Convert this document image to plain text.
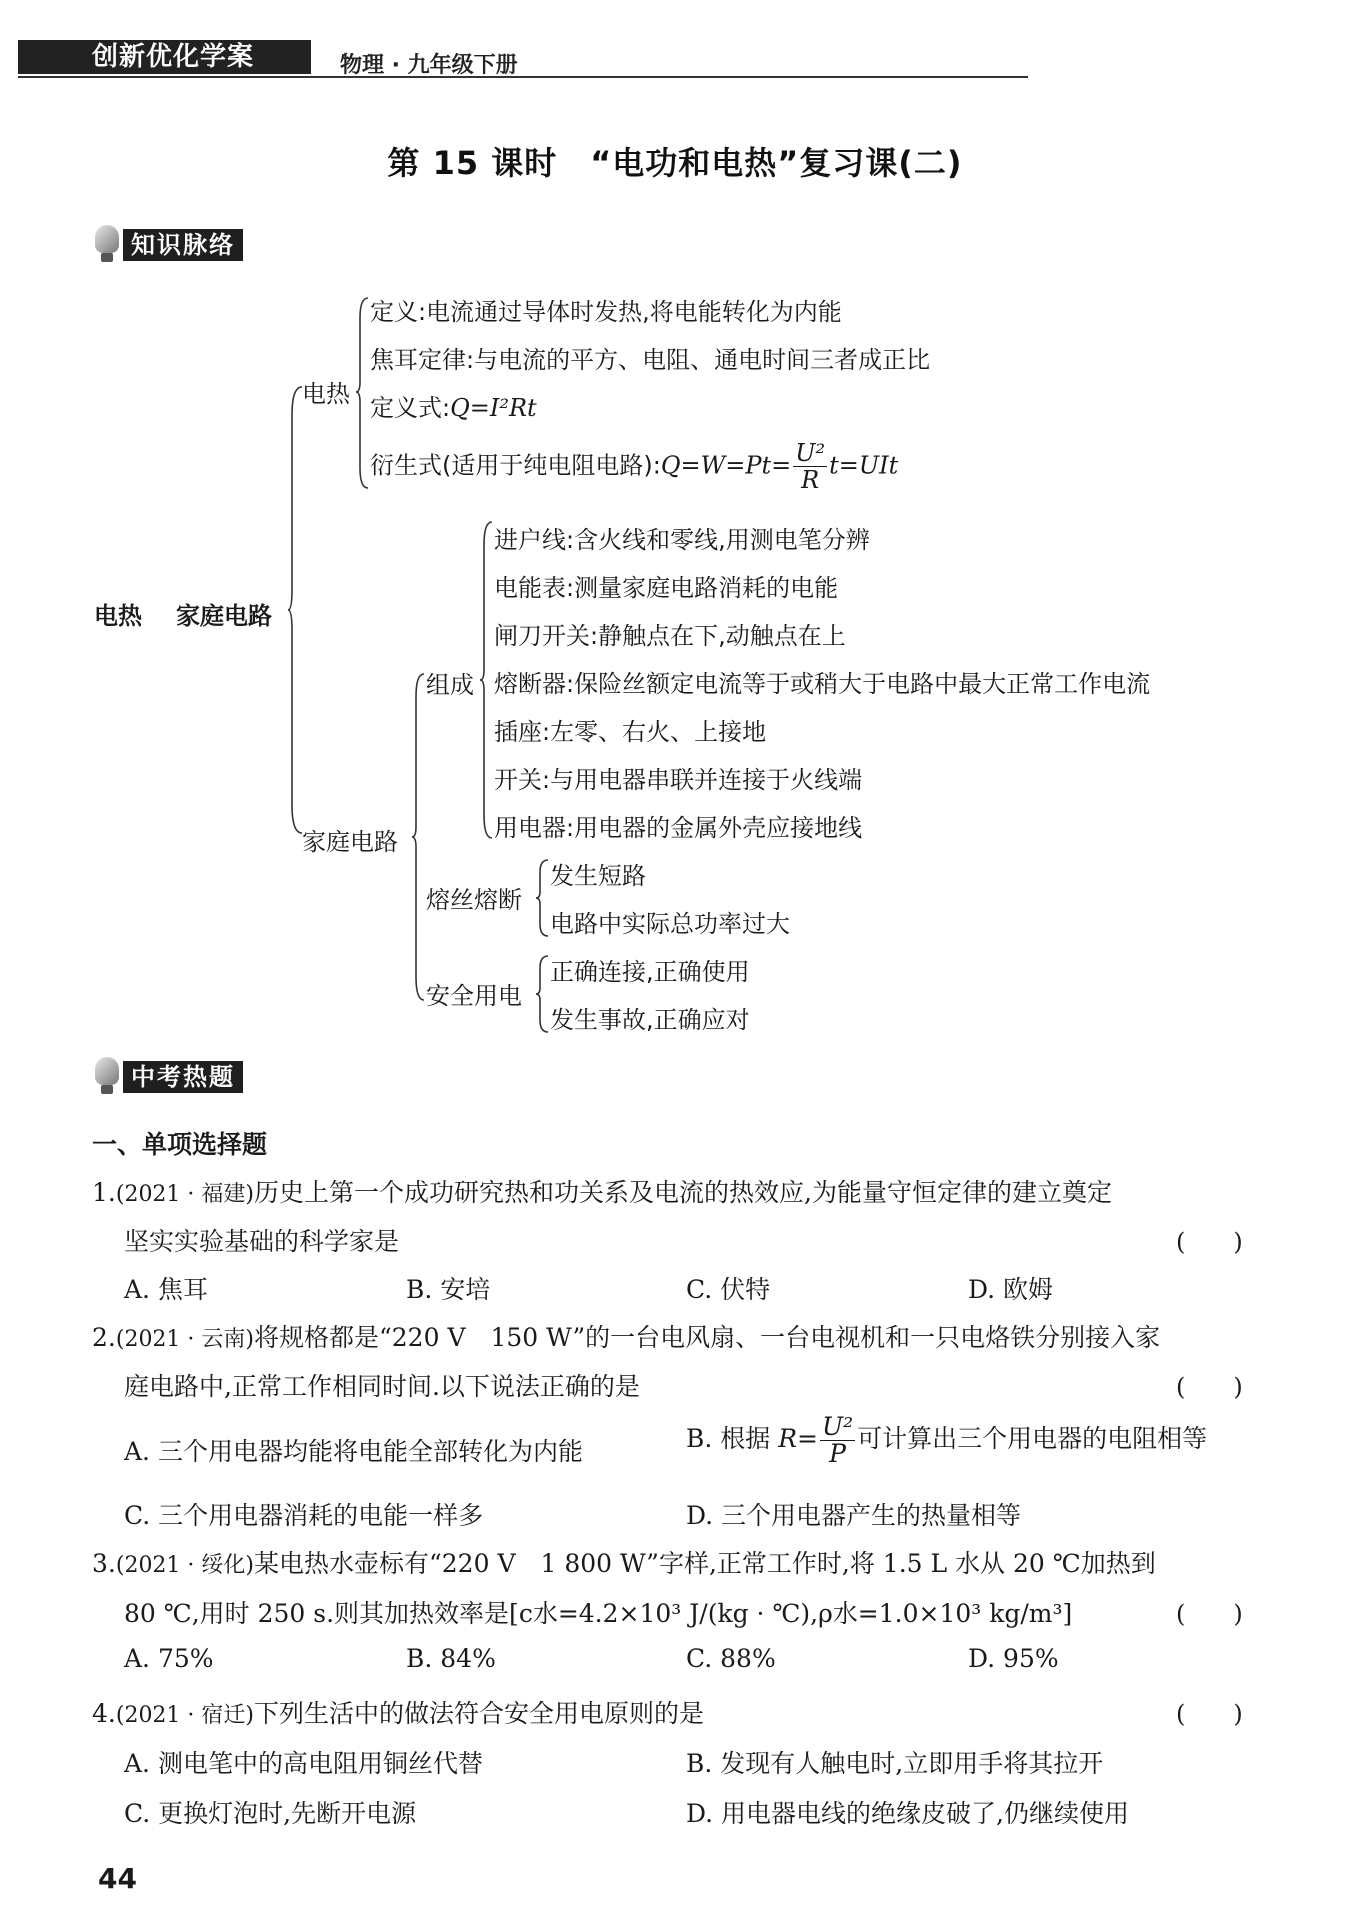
创新优化学案	物理 · 九年级下册
第 15 课时　“电功和电热”复习课(二)
知识脉络
电热 家庭电路
电热
定义:电流通过导体时发热,将电能转化为内能
焦耳定律:与电流的平方、电阻、通电时间三者成正比
定义式:Q=I²Rt
衍生式(适用于纯电阻电路):Q=W=Pt= $\frac{\text{U²}}{R} t=UIt$
家庭电路
组成
进户线:含火线和零线,用测电笔分辨
电能表:测量家庭电路消耗的电能
闸刀开关:静触点在下,动触点在上
熔断器:保险丝额定电流等于或稍大于电路中最大正常工作电流
插座:左零、右火、上接地
开关:与用电器串联并连接于火线端
用电器:用电器的金属外壳应接地线
熔丝熔断
发生短路
电路中实际总功率过大
安全用电
正确连接,正确使用
发生事故,正确应对
中考热题
一、单项选择题
1.(2021 · 福建)历史上第一个成功研究热和功关系及电流的热效应,为能量守恒定律的建立奠定
坚实实验基础的科学家是	(　　)
A. 焦耳	B. 安培	C. 伏特	D. 欧姆
2.(2021 · 云南)将规格都是“220 V　150 W”的一台电风扇、一台电视机和一只电烙铁分别接入家
庭电路中,正常工作相同时间.以下说法正确的是	(　　)
A. 三个用电器均能将电能全部转化为内能	B. 根据 $R= \frac{\text{U²}}{P}$ 可计算出三个用电器的电阻相等
C. 三个用电器消耗的电能一样多	D. 三个用电器产生的热量相等
3.(2021 · 绥化)某电热水壶标有“220 V　1 800 W”字样,正常工作时,将 1.5 L 水从 20 ℃加热到
80 ℃,用时 250 s.则其加热效率是[c水=4.2×10³ J/(kg · ℃),ρ水=1.0×10³ kg/m³]	(　　)
A. 75%	B. 84%	C. 88%	D. 95%
4.(2021 · 宿迁)下列生活中的做法符合安全用电原则的是	(　　)
A. 测电笔中的高电阻用铜丝代替	B. 发现有人触电时,立即用手将其拉开
C. 更换灯泡时,先断开电源	D. 用电器电线的绝缘皮破了,仍继续使用
44
